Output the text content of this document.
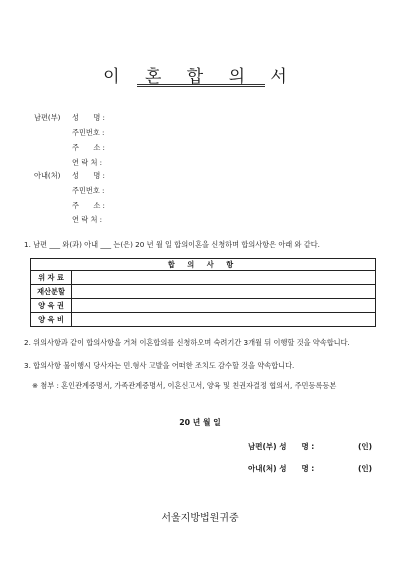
이 혼 합 의 서
남편(부) 성　　명 :
주민번호 :
주　　소 :
연 락 처 :
아내(처) 성　　명 :
주민번호 :
주　　소 :
연 락 처 :
1. 남편 ___ 와(과) 아내 ___ 는(은) 20 년 월 일 합의이혼을 신청하며 합의사항은 아래 와 같다.
합 의 사 항	
위 자 료	
재산분할	
양 육 권	
양 육 비	
2. 위의사항과 같이 합의사항을 거쳐 이혼합의를 신청하오며 숙려기간 3개월 뒤 이행할 것을 약속합니다.
3. 합의사항 불이행시 당사자는 민.형사 고발을 어떠한 조치도 감수할 것을 약속합니다.
※ 첨부 : 혼인관계증명서, 가족관계증명서, 이혼신고서, 양육 및 친권자결정 협의서, 주민등록등본
20 년 월 일
남편(부) 성　　명 :	(인)
아내(처) 성　　명 :	(인)
서울지방법원귀중
